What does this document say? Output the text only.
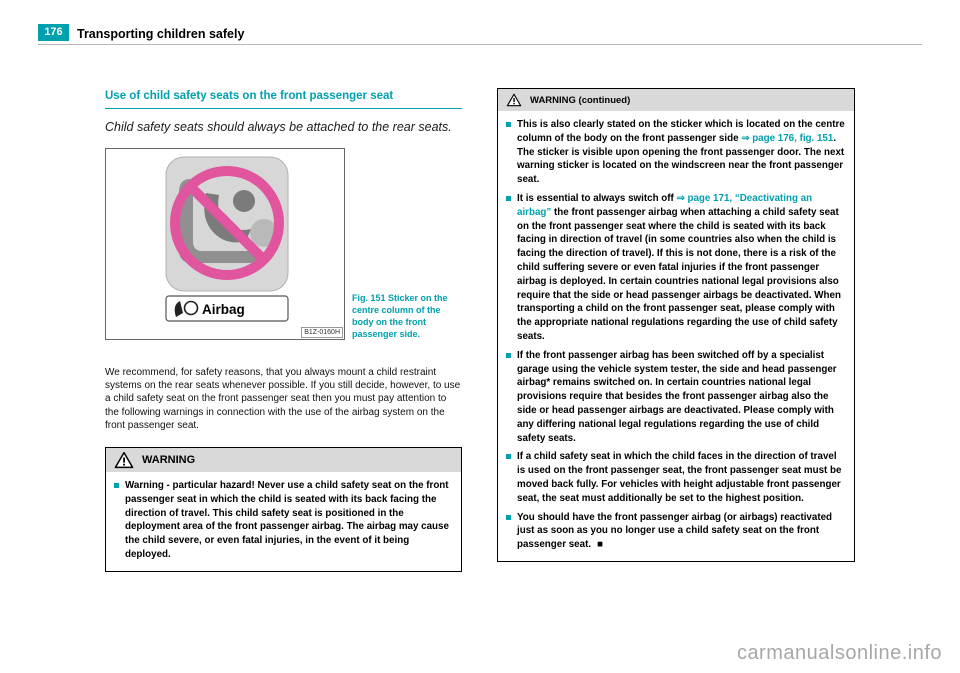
176	Transporting children safely
Use of child safety seats on the front passenger seat

Child safety seats should always be attached to the rear seats.

Airbag
B1Z-0160H
Fig. 151 Sticker on the centre column of the body on the front passenger side.

We recommend, for safety reasons, that you always mount a child restraint systems on the rear seats whenever possible. If you still decide, however, to use a child safety seat on the front passenger seat then you must pay attention to the following warnings in connection with the use of the airbag system on the front passenger seat.

WARNING
Warning - particular hazard! Never use a child safety seat on the front passenger seat in which the child is seated with its back facing the direction of travel. This child safety seat is positioned in the deployment area of the front passenger airbag. The airbag may cause the child severe, or even fatal injuries, in the event of it being deployed.
WARNING (continued)
This is also clearly stated on the sticker which is located on the centre column of the body on the front passenger side ⇒ page 176, fig. 151. The sticker is visible upon opening the front passenger door. The next warning sticker is located on the windscreen near the front passenger seat.
It is essential to always switch off ⇒ page 171, “Deactivating an airbag” the front passenger airbag when attaching a child safety seat on the front passenger seat where the child is seated with its back facing in direction of travel (in some countries also when the child is facing the direction of travel). If this is not done, there is a risk of the child suffering severe or even fatal injuries if the front passenger airbag is deployed. In certain countries national legal provisions also require that the side or head passenger airbags be deactivated. When transporting a child on the front passenger seat, please comply with the appropriate national regulations regarding the use of child safety seats.
If the front passenger airbag has been switched off by a specialist garage using the vehicle system tester, the side and head passenger airbag* remains switched on. In certain countries national legal provisions require that besides the front passenger airbag also the side or head passenger airbags are deactivated. Please comply with any differing national legal regulations regarding the use of child safety seats.
If a child safety seat in which the child faces in the direction of travel is used on the front passenger seat, the front passenger seat must be moved back fully. For vehicles with height adjustable front passenger seat, the seat must additionally be set to the highest position.
You should have the front passenger airbag (or airbags) reactivated just as soon as you no longer use a child safety seat on the front passenger seat. ■
carmanualsonline.info
